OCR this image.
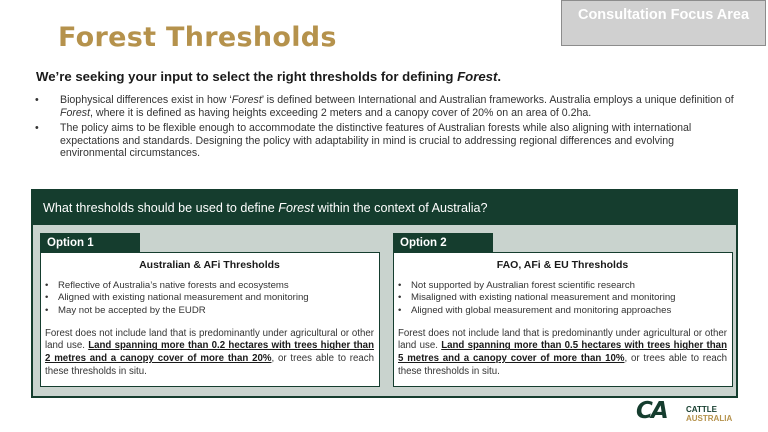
Forest Thresholds
Consultation Focus Area
We’re seeking your input to select the right thresholds for defining Forest.
• Biophysical differences exist in how ‘Forest’ is defined between International and Australian frameworks. Australia employs a unique definition of Forest, where it is defined as having heights exceeding 2 meters and a canopy cover of 20% on an area of 0.2ha.
• The policy aims to be flexible enough to accommodate the distinctive features of Australian forests while also aligning with international expectations and standards. Designing the policy with adaptability in mind is crucial to addressing regional differences and evolving environmental circumstances.
What thresholds should be used to define Forest within the context of Australia?
Option 1
Australian & AFi Thresholds
• Reflective of Australia’s native forests and ecosystems
• Aligned with existing national measurement and monitoring
• May not be accepted by the EUDR

Forest does not include land that is predominantly under agricultural or other land use. Land spanning more than 0.2 hectares with trees higher than 2 metres and a canopy cover of more than 20%, or trees able to reach these thresholds in situ.

Option 2
FAO, AFi & EU Thresholds
• Not supported by Australian forest scientific research
• Misaligned with existing national measurement and monitoring
• Aligned with global measurement and monitoring approaches

Forest does not include land that is predominantly under agricultural or other land use. Land spanning more than 0.5 hectares with trees higher than 5 metres and a canopy cover of more than 10%, or trees able to reach these thresholds in situ.

CA CATTLE
AUSTRALIA
